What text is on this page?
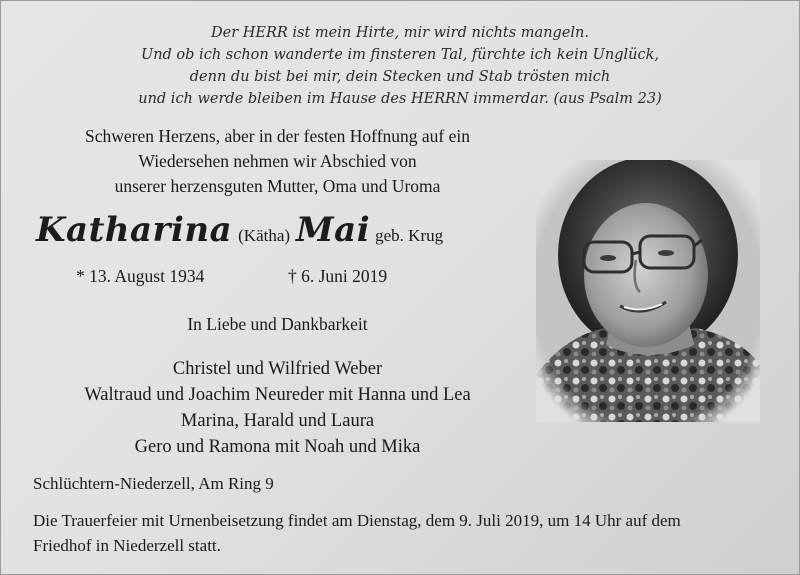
Der HERR ist mein Hirte, mir wird nichts mangeln.
Und ob ich schon wanderte im finsteren Tal, fürchte ich kein Unglück,
denn du bist bei mir, dein Stecken und Stab trösten mich
und ich werde bleiben im Hause des HERRN immerdar. (aus Psalm 23)
Schweren Herzens, aber in der festen Hoffnung auf ein
Wiedersehen nehmen wir Abschied von
unserer herzensguten Mutter, Oma und Uroma
Katharina (Kätha) Mai geb. Krug
* 13. August 1934	† 6. Juni 2019
In Liebe und Dankbarkeit
Christel und Wilfried Weber
Waltraud und Joachim Neureder mit Hanna und Lea
Marina, Harald und Laura
Gero und Ramona mit Noah und Mika
Schlüchtern-Niederzell, Am Ring 9
Die Trauerfeier mit Urnenbeisetzung findet am Dienstag, dem 9. Juli 2019, um 14 Uhr auf dem
Friedhof in Niederzell statt.
